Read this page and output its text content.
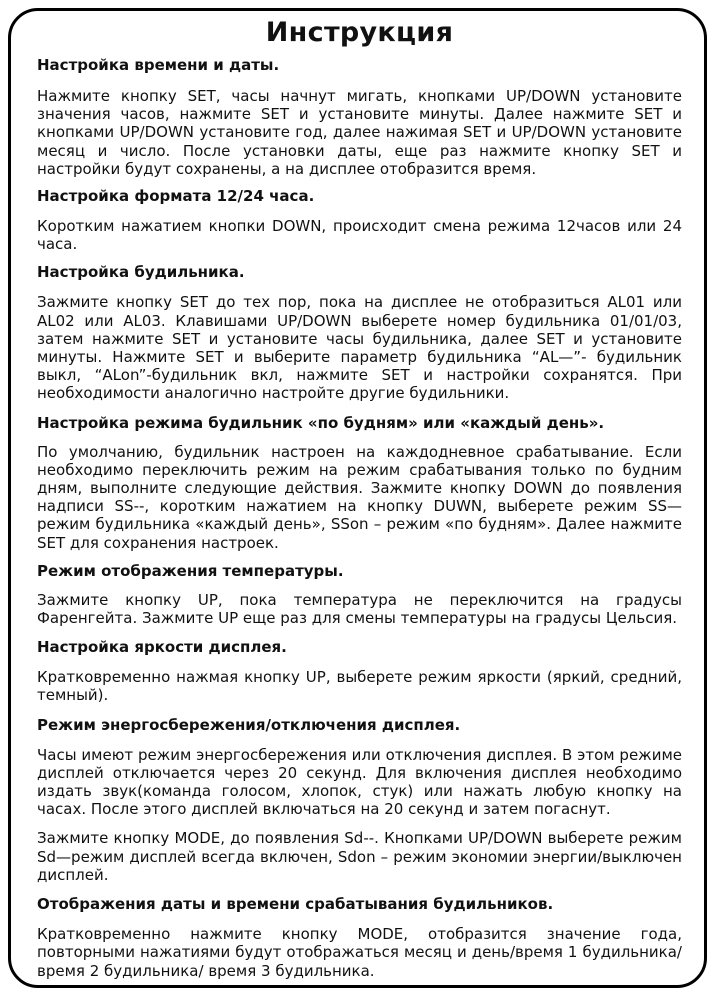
Инструкция
Настройка времени и даты.

Нажмите кнопку SET, часы начнут мигать, кнопками UP/DOWN установите значения часов, нажмите SET и установите минуты. Далее нажмите SET и кнопками UP/DOWN установите год, далее нажимая SET и UP/DOWN установите месяц и число. После установки даты, еще раз нажмите кнопку SET и настройки будут сохранены, а на дисплее отобразится время.

Настройка формата 12/24 часа.

Коротким нажатием кнопки DOWN, происходит смена режима 12часов или 24 часа.

Настройка будильника.

Зажмите кнопку SET до тех пор, пока на дисплее не отобразиться AL01 или AL02 или AL03. Клавишами UP/DOWN выберете номер будильника 01/01/03, затем нажмите SET и установите часы будильника, далее SET и установите минуты. Нажмите SET и выберите параметр будильника “AL—”- будильник выкл, “ALon”-будильник вкл, нажмите SET и настройки сохранятся. При необходимости аналогично настройте другие будильники.

Настройка режима будильник «по будням» или «каждый день».

По умолчанию, будильник настроен на каждодневное срабатывание. Если необходимо переключить режим на режим срабатывания только по будним дням, выполните следующие действия. Зажмите кнопку DOWN до появления надписи SS--, коротким нажатием на кнопку DUWN, выберете режим SS— режим будильника «каждый день», SSon – режим «по будням». Далее нажмите SET для сохранения настроек.

Режим отображения температуры.

Зажмите кнопку UP, пока температура не переключится на градусы Фаренгейта. Зажмите UP еще раз для смены температуры на градусы Цельсия.

Настройка яркости дисплея.

Кратковременно нажмая кнопку UP, выберете режим яркости (яркий, средний, темный).

Режим энергосбережения/отключения дисплея.

Часы имеют режим энергосбережения или отключения дисплея. В этом режиме дисплей отключается через 20 секунд. Для включения дисплея необходимо издать звук(команда голосом, хлопок, стук) или нажать любую кнопку на часах. После этого дисплей включаться на 20 секунд и затем погаснут.

Зажмите кнопку MODE, до появления Sd--. Кнопками UP/DOWN выберете режим Sd—режим дисплей всегда включен, Sdon – режим экономии энергии/выключен дисплей.

Отображения даты и времени срабатывания будильников.

Кратковременно нажмите кнопку MODE, отобразится значение года, повторными нажатиями будут отображаться месяц и день/время 1 будильника/ время 2 будильника/ время 3 будильника.
